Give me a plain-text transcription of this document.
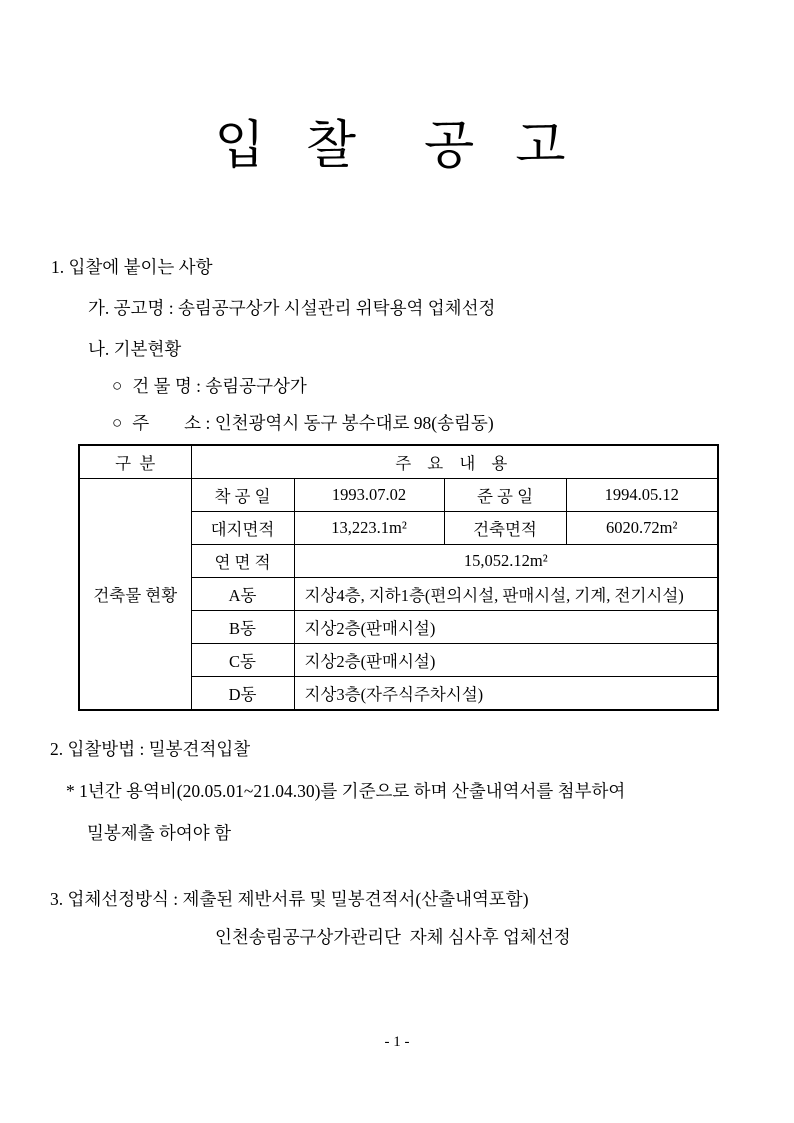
입 찰  공 고
1. 입찰에 붙이는 사항
가. 공고명 : 송림공구상가 시설관리 위탁용역 업체선정
나. 기본현황
○ 건 물 명 : 송림공구상가
○ 주        소 : 인천광역시 동구 봉수대로 98(송림동)
구  분	주 요 내 용			
건축물 현황	착 공 일	1993.07.02	준 공 일	1994.05.12
	대지면적	13,223.1m²	건축면적	6020.72m²
	연 면 적	15,052.12m²		
	A동	지상4층, 지하1층(편의시설, 판매시설, 기계, 전기시설)		
	B동	지상2층(판매시설)		
	C동	지상2층(판매시설)		
	D동	지상3층(자주식주차시설)		
2. 입찰방법 : 밀봉견적입찰
* 1년간 용역비(20.05.01~21.04.30)를 기준으로 하며 산출내역서를 첨부하여
밀봉제출 하여야 함
3. 업체선정방식 : 제출된 제반서류 및 밀봉견적서(산출내역포함)
인천송림공구상가관리단  자체 심사후 업체선정
- 1 -
